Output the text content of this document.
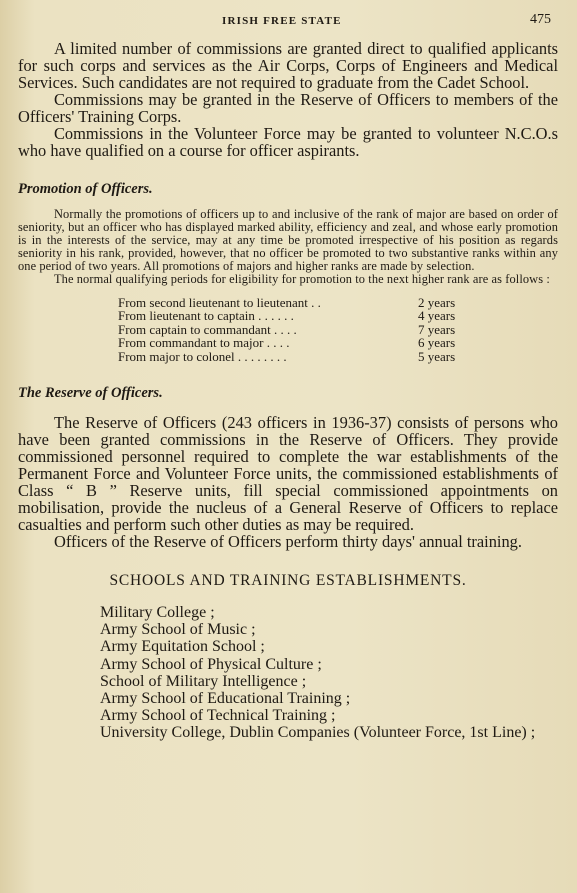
IRISH FREE STATE	475

A limited number of commissions are granted direct to qualified applicants for such corps and services as the Air Corps, Corps of Engineers and Medical Services. Such candidates are not required to graduate from the Cadet School.

Commissions may be granted in the Reserve of Officers to members of the Officers' Training Corps.

Commissions in the Volunteer Force may be granted to volunteer N.C.O.s who have qualified on a course for officer aspirants.

Promotion of Officers.

Normally the promotions of officers up to and inclusive of the rank of major are based on order of seniority, but an officer who has displayed marked ability, efficiency and zeal, and whose early promotion is in the interests of the service, may at any time be promoted irrespective of his position as regards seniority in his rank, provided, however, that no officer be promoted to two substantive ranks within any one period of two years. All promotions of majors and higher ranks are made by selection.

The normal qualifying periods for eligibility for promotion to the next higher rank are as follows :

From second lieutenant to lieutenant . .	2 years
From lieutenant to captain . . . . . .	4 years
From captain to commandant . . . .	7 years
From commandant to major . . . .	6 years
From major to colonel . . . . . . . .	5 years
The Reserve of Officers.

The Reserve of Officers (243 officers in 1936-37) consists of persons who have been granted commissions in the Reserve of Officers. They provide commissioned personnel required to complete the war establishments of the Permanent Force and Volunteer Force units, the commissioned establishments of Class “ B ” Reserve units, fill special commissioned appointments on mobilisation, provide the nucleus of a General Reserve of Officers to replace casualties and perform such other duties as may be required.

Officers of the Reserve of Officers perform thirty days' annual training.

SCHOOLS AND TRAINING ESTABLISHMENTS.

Military College ;

Army School of Music ;

Army Equitation School ;

Army School of Physical Culture ;

School of Military Intelligence ;

Army School of Educational Training ;

Army School of Technical Training ;

University College, Dublin Companies (Volunteer Force, 1st Line) ;
